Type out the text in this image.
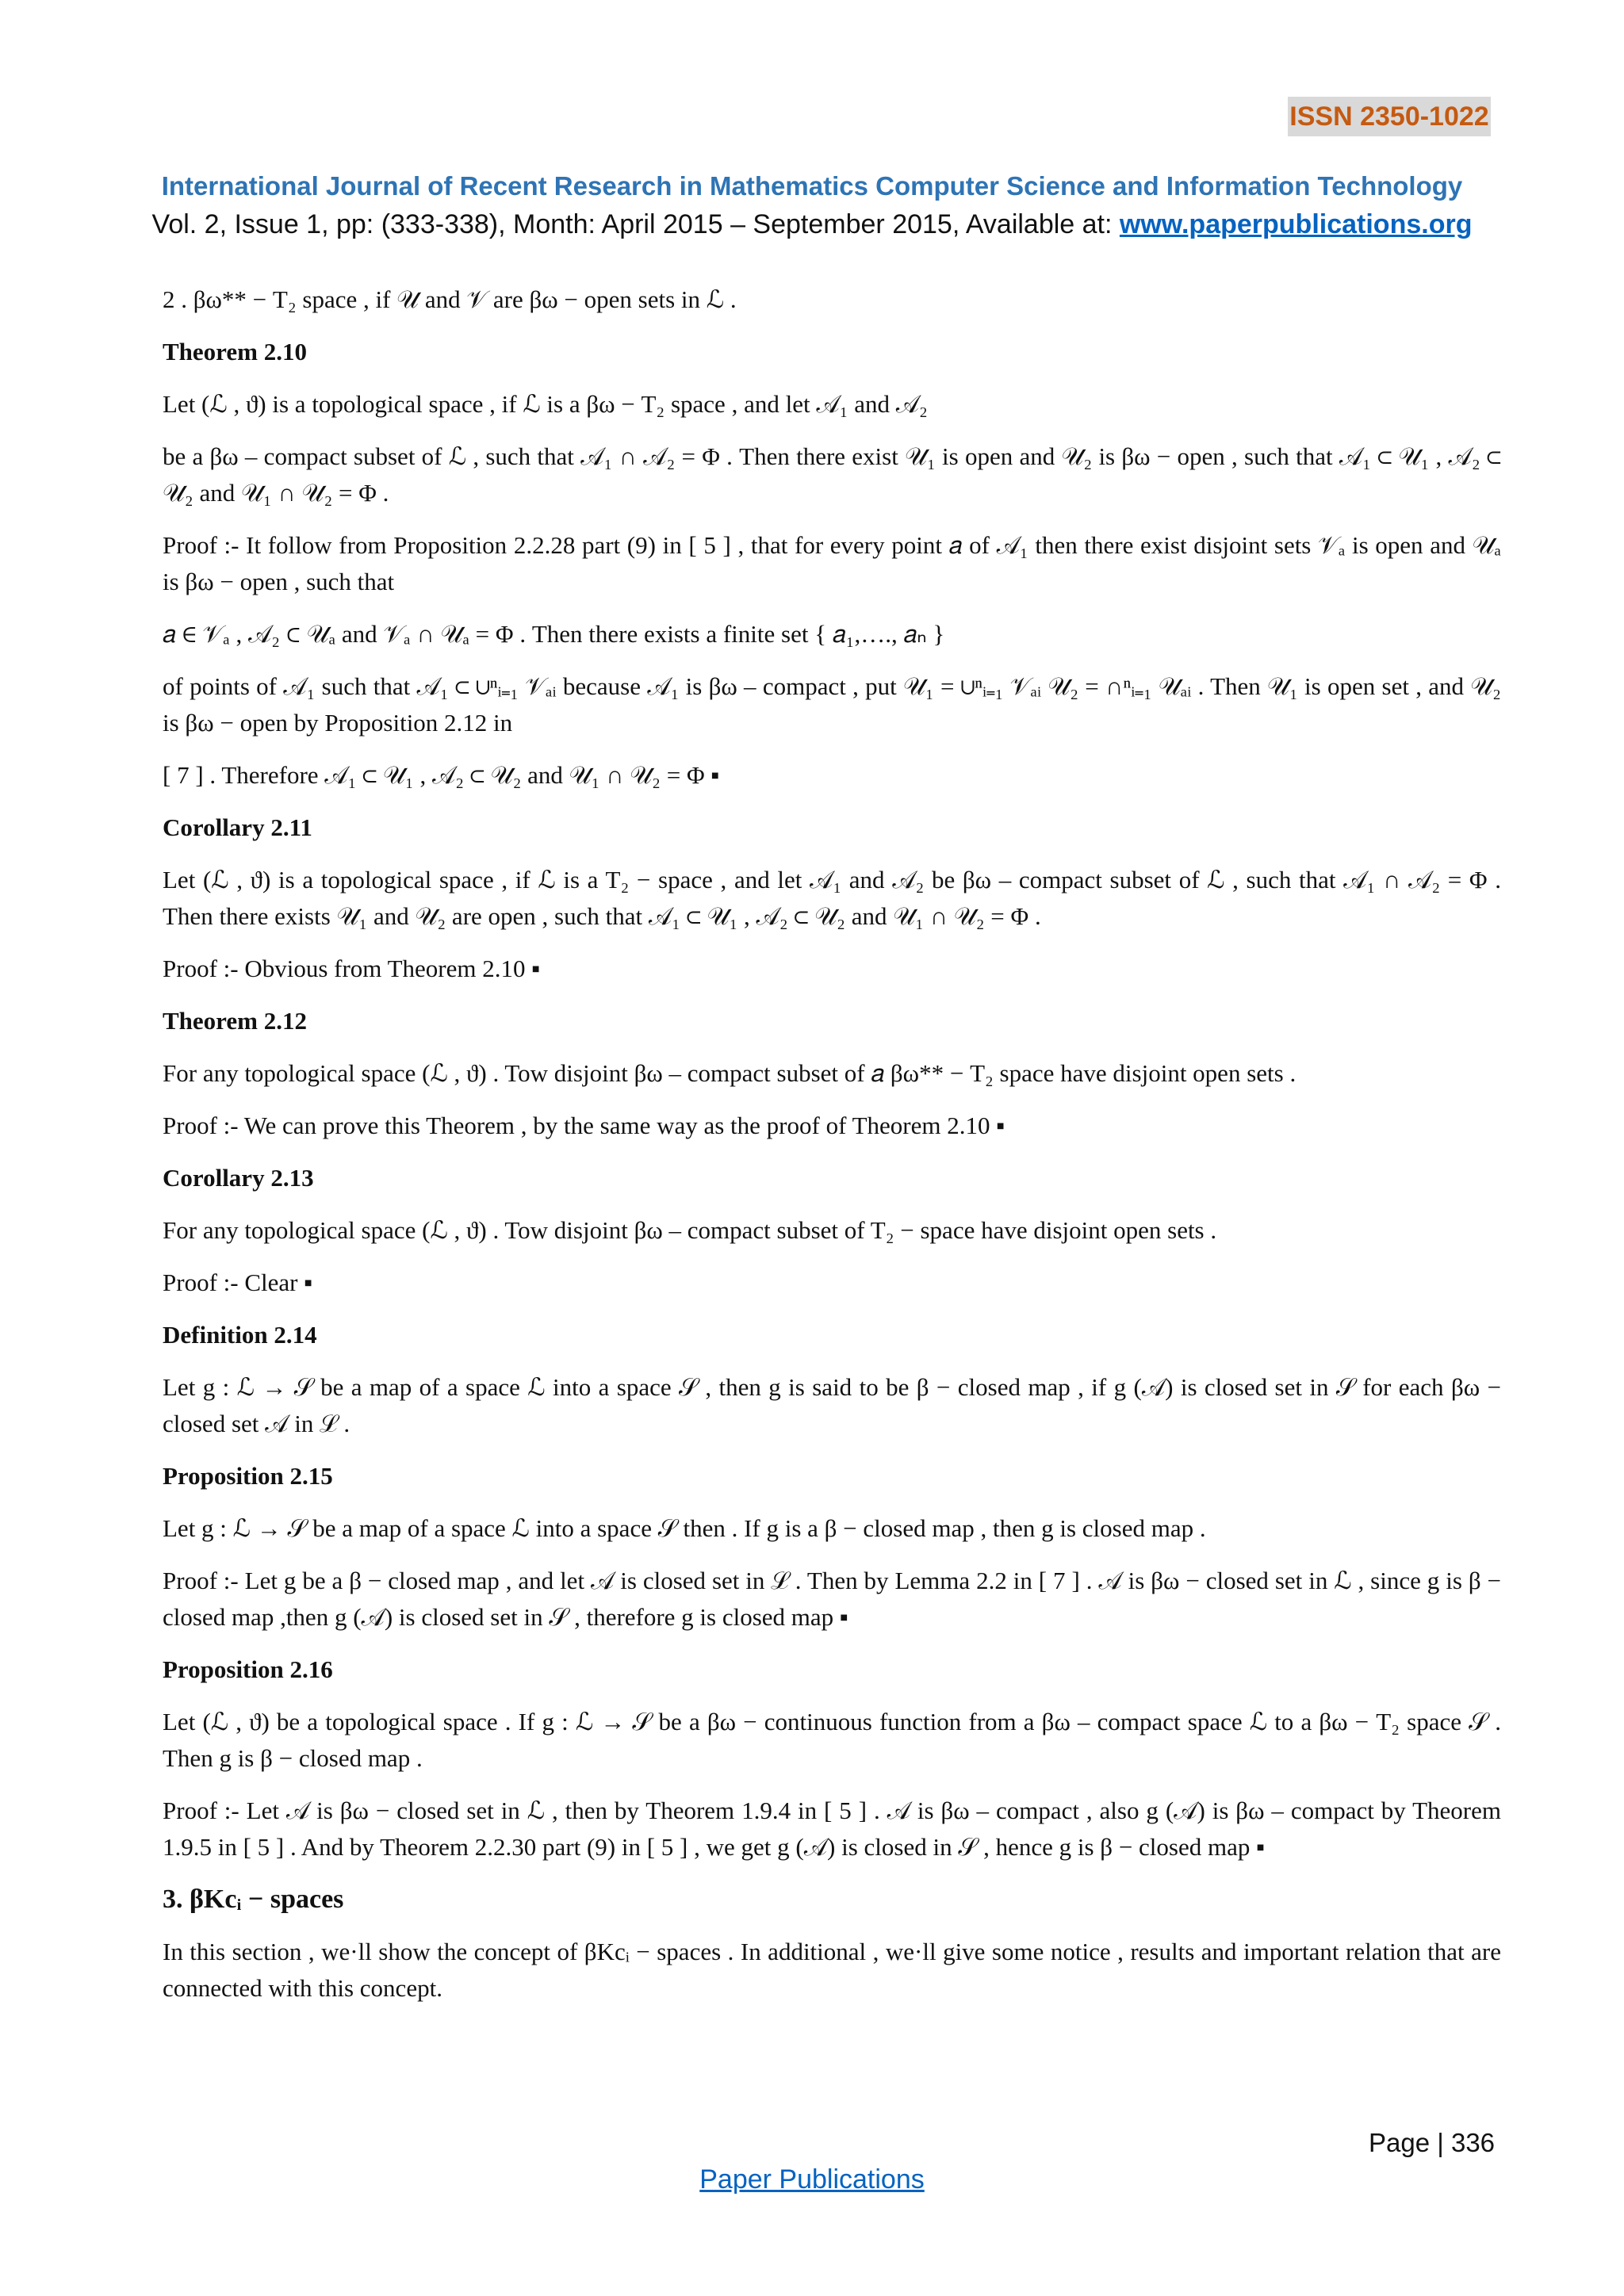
ISSN 2350-1022
International Journal of Recent Research in Mathematics Computer Science and Information Technology
Vol. 2, Issue 1, pp: (333-338), Month: April 2015 – September 2015, Available at: www.paperpublications.org

2 . βω** − T₂ space , if 𝒰 and 𝒱 are βω − open sets in ℒ .

Theorem 2.10

Let (ℒ , ϑ) is a topological space , if ℒ is a βω − T₂ space , and let 𝒜₁ and 𝒜₂

be a βω – compact subset of ℒ , such that 𝒜₁ ∩ 𝒜₂ = Φ . Then there exist 𝒰₁ is open and 𝒰₂ is βω − open , such that 𝒜₁ ⊂ 𝒰₁ , 𝒜₂ ⊂ 𝒰₂ and 𝒰₁ ∩ 𝒰₂ = Φ .

Proof :- It follow from Proposition 2.2.28 part (9) in [ 5 ] , that for every point 𝑎 of 𝒜₁ then there exist disjoint sets 𝒱ₐ is open and 𝒰ₐ is βω − open , such that

𝑎 ∈ 𝒱ₐ , 𝒜₂ ⊂ 𝒰ₐ and 𝒱ₐ ∩ 𝒰ₐ = Φ . Then there exists a finite set { 𝑎₁,…., 𝑎ₙ }

of points of 𝒜₁ such that 𝒜₁ ⊂ ∪ⁿᵢ₌₁ 𝒱ₐᵢ because 𝒜₁ is βω – compact , put 𝒰₁ = ∪ⁿᵢ₌₁ 𝒱ₐᵢ 𝒰₂ = ∩ⁿᵢ₌₁ 𝒰ₐᵢ . Then 𝒰₁ is open set , and 𝒰₂ is βω − open by Proposition 2.12 in

[ 7 ] . Therefore 𝒜₁ ⊂ 𝒰₁ , 𝒜₂ ⊂ 𝒰₂ and 𝒰₁ ∩ 𝒰₂ = Φ ▪

Corollary 2.11

Let (ℒ , ϑ) is a topological space , if ℒ is a T₂ − space , and let 𝒜₁ and 𝒜₂ be βω – compact subset of ℒ , such that 𝒜₁ ∩ 𝒜₂ = Φ . Then there exists 𝒰₁ and 𝒰₂ are open , such that 𝒜₁ ⊂ 𝒰₁ , 𝒜₂ ⊂ 𝒰₂ and 𝒰₁ ∩ 𝒰₂ = Φ .

Proof :- Obvious from Theorem 2.10 ▪

Theorem 2.12

For any topological space (ℒ , ϑ) . Tow disjoint βω – compact subset of 𝑎 βω** − T₂ space have disjoint open sets .

Proof :- We can prove this Theorem , by the same way as the proof of Theorem 2.10 ▪

Corollary 2.13

For any topological space (ℒ , ϑ) . Tow disjoint βω – compact subset of T₂ − space have disjoint open sets .

Proof :- Clear ▪

Definition 2.14

Let g : ℒ → 𝒮 be a map of a space ℒ into a space 𝒮 , then g is said to be β − closed map , if g (𝒜) is closed set in 𝒮 for each βω − closed set 𝒜 in ℒ .

Proposition 2.15

Let g : ℒ → 𝒮 be a map of a space ℒ into a space 𝒮 then . If g is a β − closed map , then g is closed map .

Proof :- Let g be a β − closed map , and let 𝒜 is closed set in ℒ . Then by Lemma 2.2 in [ 7 ] . 𝒜 is βω − closed set in ℒ , since g is β − closed map ,then g (𝒜) is closed set in 𝒮 , therefore g is closed map ▪

Proposition 2.16

Let (ℒ , ϑ) be a topological space . If g : ℒ → 𝒮 be a βω − continuous function from a βω – compact space ℒ to a βω − T₂ space 𝒮 . Then g is β − closed map .

Proof :- Let 𝒜 is βω − closed set in ℒ , then by Theorem 1.9.4 in [ 5 ] . 𝒜 is βω – compact , also g (𝒜) is βω – compact by Theorem 1.9.5 in [ 5 ] . And by Theorem 2.2.30 part (9) in [ 5 ] , we get g (𝒜) is closed in 𝒮 , hence g is β − closed map ▪

3. βKcᵢ − spaces

In this section , we·ll show the concept of βKcᵢ − spaces . In additional , we·ll give some notice , results and important relation that are connected with this concept.

Page | 336
Paper Publications
